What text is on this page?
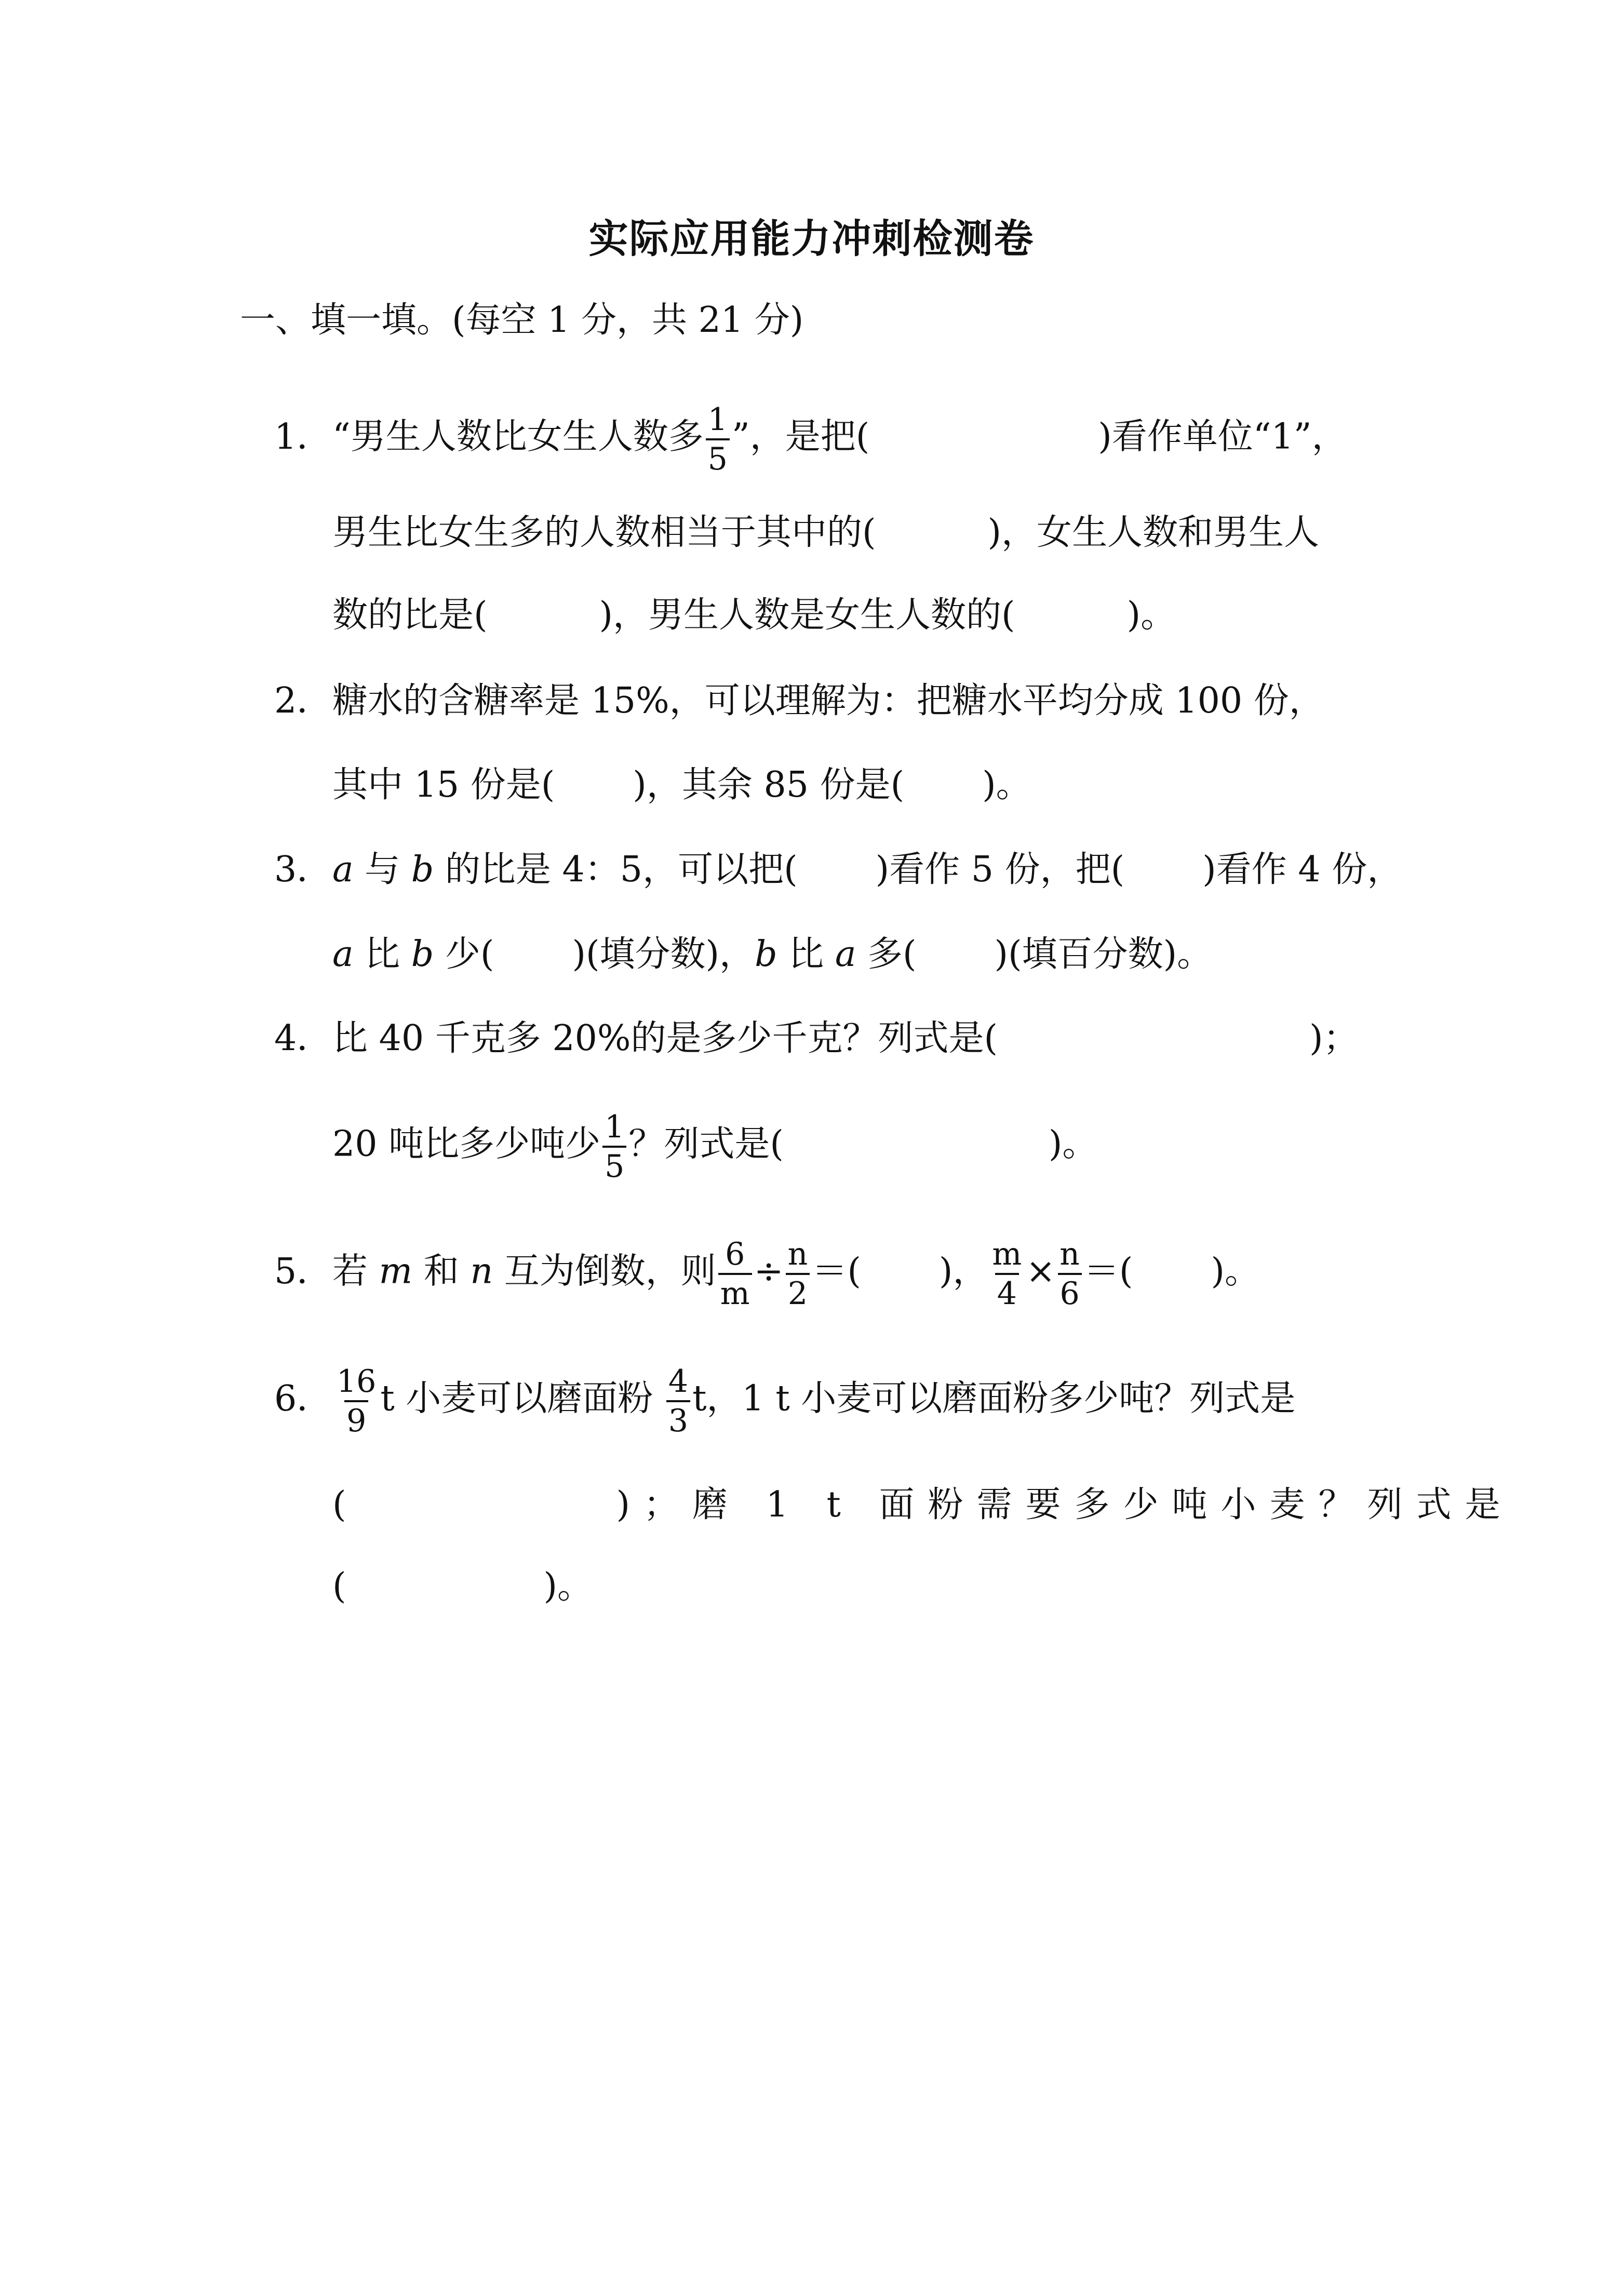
实际应用能力冲刺检测卷
一、填一填。(每空 1 分，共 21 分)
1．“男生人数比女生人数多 $\frac{1}{5}$ ”，是把(	)看作单位“1”，
男生比女生多的人数相当于其中的(	)，女生人数和男生人
数的比是(	)，男生人数是女生人数的(	)。
2．糖水的含糖率是 15%，可以理解为：把糖水平均分成 100 份，
其中 15 份是( )，其余 85 份是( )。
3．a 与 b 的比是 4：5，可以把( )看作 5 份，把( )看作 4 份，
a 比 b 少( )(填分数)，b 比 a 多( )(填百分数)。
4．比 40 千克多 20%的是多少千克？列式是(	)；
20 吨比多少吨少 $\frac{1}{5}$ ？列式是(	)。
5．若 m 和 n 互为倒数，则 $\frac{6}{m} \div \frac{n}{2}$ ＝( )， $\frac{m}{4} \times \frac{n}{6}$ ＝( )。
6． $\frac{16}{9}$ t 小麦可以磨面粉 $\frac{4}{3}$ t，1 t 小麦可以磨面粉多少吨？列式是
(	)；磨 1 t 面粉需要多少吨小麦？列式是
(	)。
